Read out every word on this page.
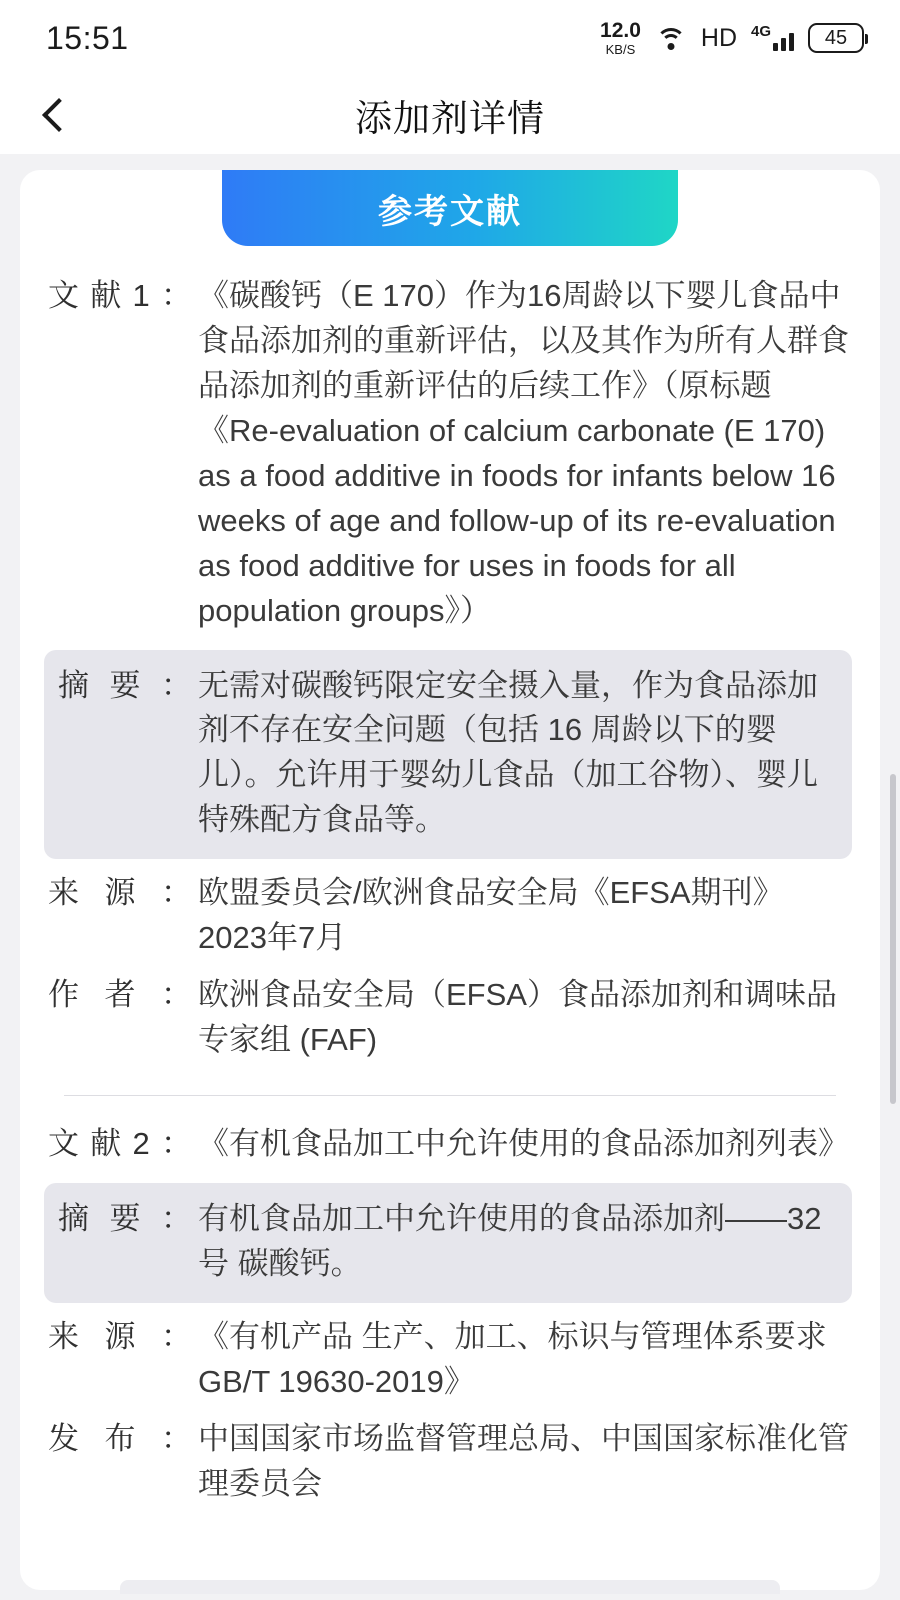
15:51	12.0
KB/S	HD 4G	45
添加剂详情
参考文献
文献1： 《碳酸钙（E 170）作为16周龄以下婴儿食品中食品添加剂的重新评估，以及其作为所有人群食品添加剂的重新评估的后续工作》（原标题《Re-evaluation of calcium carbonate (E 170) as a food additive in foods for infants below 16 weeks of age and follow-up of its re-evaluation as food additive for uses in foods for all population groups》）
摘要： 无需对碳酸钙限定安全摄入量，作为食品添加剂不存在安全问题（包括 16 周龄以下的婴儿）。允许用于婴幼儿食品（加工谷物）、婴儿特殊配方食品等。
来源： 欧盟委员会/欧洲食品安全局《EFSA期刊》2023年7月
作者： 欧洲食品安全局（EFSA）食品添加剂和调味品专家组 (FAF)
文献2： 《有机食品加工中允许使用的食品添加剂列表》
摘要： 有机食品加工中允许使用的食品添加剂——32号 碳酸钙。
来源： 《有机产品 生产、加工、标识与管理体系要求 GB/T 19630-2019》
发布： 中国国家市场监督管理总局、中国国家标准化管理委员会
